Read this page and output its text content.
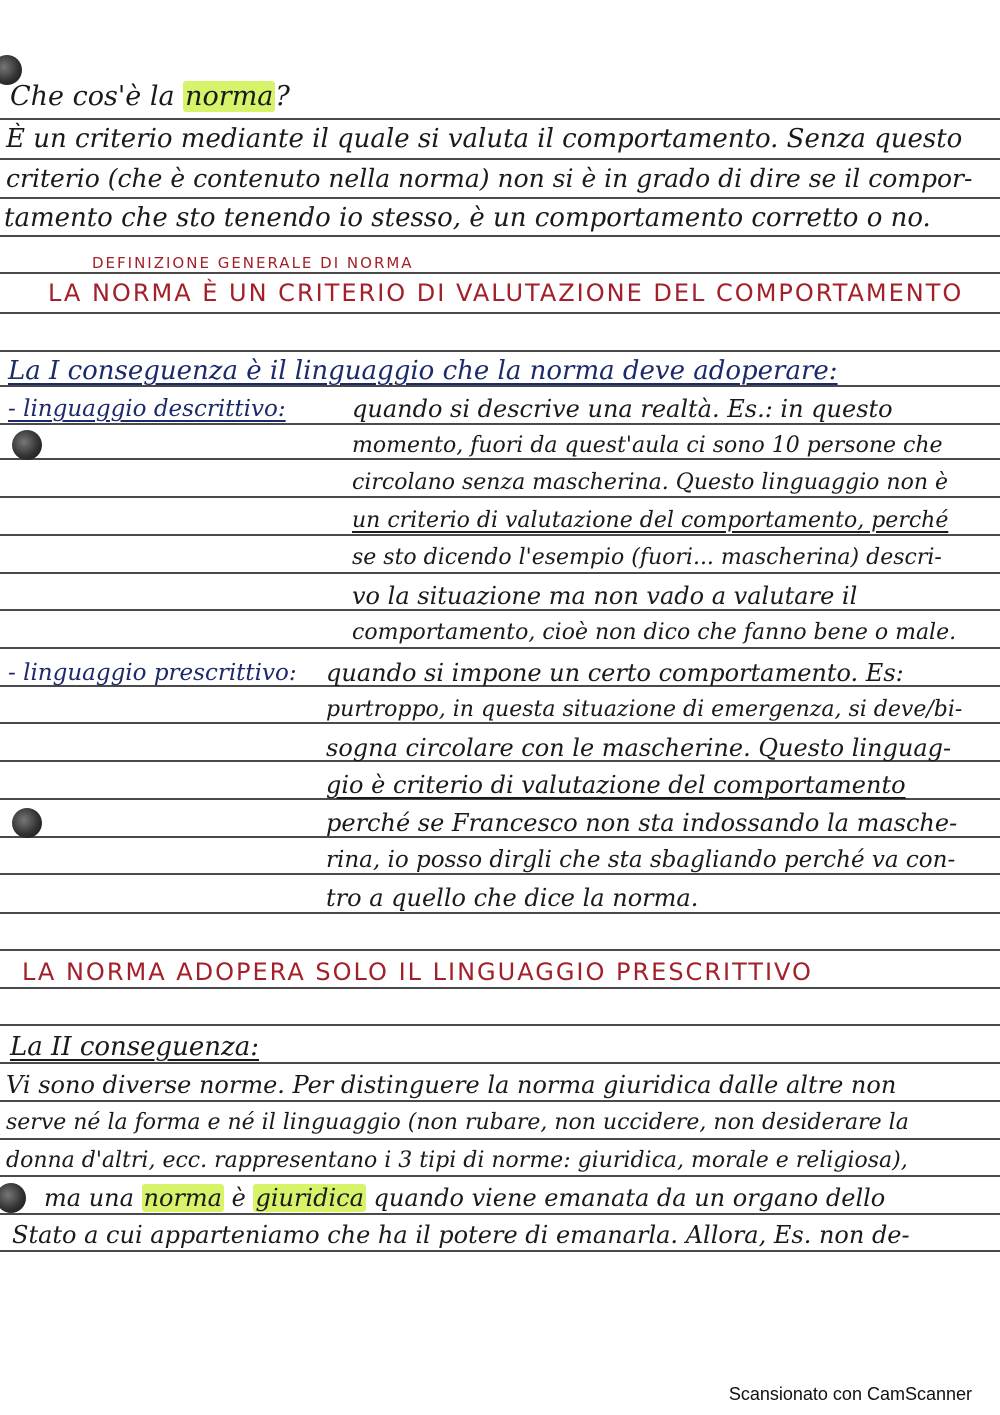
Che cos'è la norma?
È un criterio mediante il quale si valuta il comportamento. Senza questo
criterio (che è contenuto nella norma) non si è in grado di dire se il compor-
tamento che sto tenendo io stesso, è un comportamento corretto o no.
DEFINIZIONE GENERALE DI NORMA
LA NORMA È UN CRITERIO DI VALUTAZIONE DEL COMPORTAMENTO
La I conseguenza è il linguaggio che la norma deve adoperare:
- linguaggio descrittivo:	quando si descrive una realtà. Es.: in questo
momento, fuori da quest'aula ci sono 10 persone che
circolano senza mascherina. Questo linguaggio non è
un criterio di valutazione del comportamento, perché
se sto dicendo l'esempio (fuori... mascherina) descri-
vo la situazione ma non vado a valutare il
comportamento, cioè non dico che fanno bene o male.
- linguaggio prescrittivo: quando si impone un certo comportamento. Es:
purtroppo, in questa situazione di emergenza, si deve/bi-
sogna circolare con le mascherine. Questo linguag-
gio è criterio di valutazione del comportamento
perché se Francesco non sta indossando la masche-
rina, io posso dirgli che sta sbagliando perché va con-
tro a quello che dice la norma.
LA NORMA ADOPERA SOLO IL LINGUAGGIO PRESCRITTIVO
La II conseguenza:
Vi sono diverse norme. Per distinguere la norma giuridica dalle altre non
serve né la forma e né il linguaggio (non rubare, non uccidere, non desiderare la
donna d'altri, ecc. rappresentano i 3 tipi di norme: giuridica, morale e religiosa),
ma una norma è giuridica quando viene emanata da un organo dello
Stato a cui apparteniamo che ha il potere di emanarla. Allora, Es. non de-
Scansionato con CamScanner
